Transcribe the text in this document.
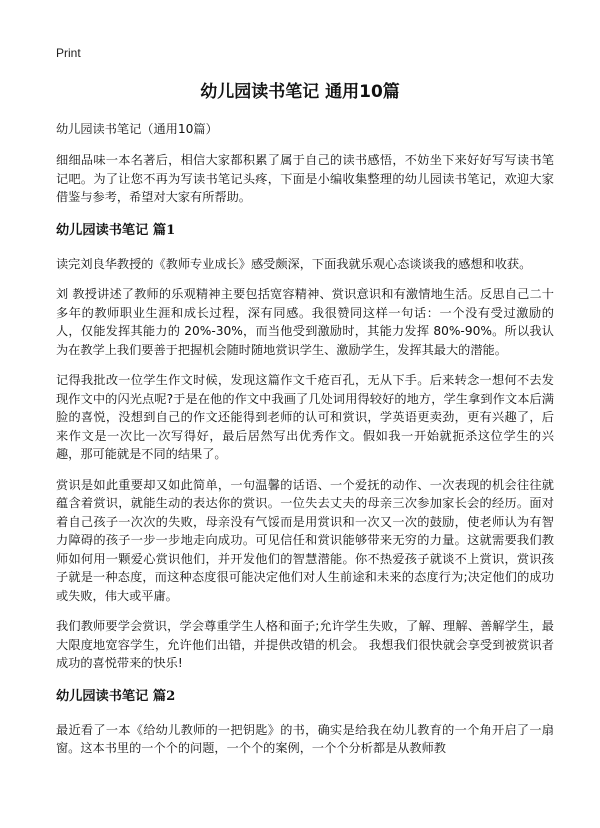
Print
幼儿园读书笔记 通用10篇
幼儿园读书笔记（通用10篇）

细细品味一本名著后，相信大家都积累了属于自己的读书感悟，不妨坐下来好好写写读书笔记吧。为了让您不再为写读书笔记头疼，下面是小编收集整理的幼儿园读书笔记，欢迎大家借鉴与参考，希望对大家有所帮助。

幼儿园读书笔记 篇1

读完刘良华教授的《教师专业成长》感受颇深，下面我就乐观心态谈谈我的感想和收获。

刘 教授讲述了教师的乐观精神主要包括宽容精神、赏识意识和有激情地生活。反思自己二十多年的教师职业生涯和成长过程，深有同感。我很赞同这样一句话：一个没有受过激励的人，仅能发挥其能力的 20%-30%，而当他受到激励时，其能力发挥 80%-90%。所以我认为在教学上我们要善于把握机会随时随地赏识学生、激励学生，发挥其最大的潜能。

记得我批改一位学生作文时候，发现这篇作文千疮百孔，无从下手。后来转念一想何不去发现作文中的闪光点呢?于是在他的作文中我画了几处词用得较好的地方，学生拿到作文本后满脸的喜悦，没想到自己的作文还能得到老师的认可和赏识，学英语更卖劲，更有兴趣了，后来作文是一次比一次写得好，最后居然写出优秀作文。假如我一开始就扼杀这位学生的兴趣，那可能就是不同的结果了。

赏识是如此重要却又如此简单，一句温馨的话语、一个爱抚的动作、一次表现的机会往往就蕴含着赏识，就能生动的表达你的赏识。一位失去丈夫的母亲三次参加家长会的经历。面对着自己孩子一次次的失败，母亲没有气馁而是用赏识和一次又一次的鼓励，使老师认为有智力障碍的孩子一步一步地走向成功。可见信任和赏识能够带来无穷的力量。这就需要我们教师如何用一颗爱心赏识他们，并开发他们的智慧潜能。你不热爱孩子就谈不上赏识，赏识孩子就是一种态度，而这种态度很可能决定他们对人生前途和未来的态度行为;决定他们的成功或失败，伟大或平庸。

我们教师要学会赏识，学会尊重学生人格和面子;允许学生失败，了解、理解、善解学生，最大限度地宽容学生，允许他们出错，并提供改错的机会。 我想我们很快就会享受到被赏识者成功的喜悦带来的快乐!

幼儿园读书笔记 篇2

最近看了一本《给幼儿教师的一把钥匙》的书，确实是给我在幼儿教育的一个角开启了一扇窗。这本书里的一个个的问题，一个个的案例，一个个分析都是从教师教
